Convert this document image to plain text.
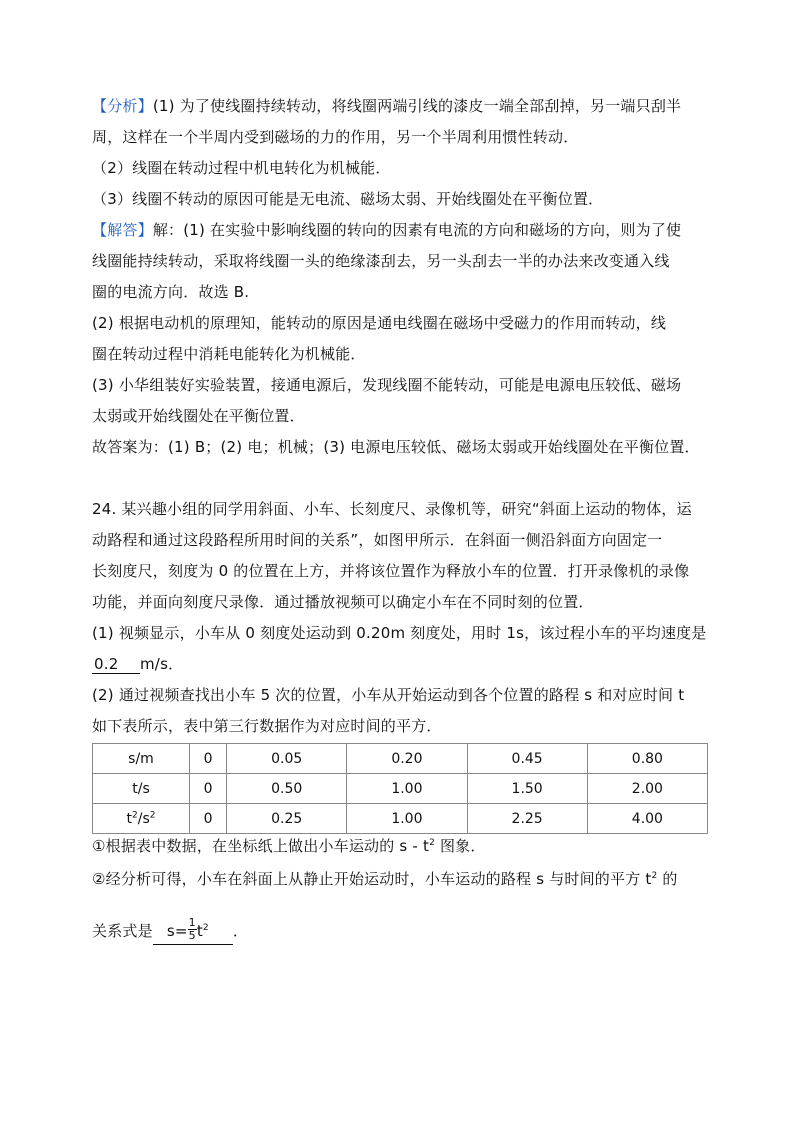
【分析】(1) 为了使线圈持续转动，将线圈两端引线的漆皮一端全部刮掉，另一端只刮半
周，这样在一个半周内受到磁场的力的作用，另一个半周利用惯性转动．
（2）线圈在转动过程中机电转化为机械能．
（3）线圈不转动的原因可能是无电流、磁场太弱、开始线圈处在平衡位置．
【解答】解：(1) 在实验中影响线圈的转向的因素有电流的方向和磁场的方向，则为了使
线圈能持续转动，采取将线圈一头的绝缘漆刮去，另一头刮去一半的办法来改变通入线
圈的电流方向．故选 B.
(2) 根据电动机的原理知，能转动的原因是通电线圈在磁场中受磁力的作用而转动，线
圈在转动过程中消耗电能转化为机械能．
(3) 小华组装好实验装置，接通电源后，发现线圈不能转动，可能是电源电压较低、磁场
太弱或开始线圈处在平衡位置．
故答案为：(1) B；(2) 电；机械；(3) 电源电压较低、磁场太弱或开始线圈处在平衡位置．
24. 某兴趣小组的同学用斜面、小车、长刻度尺、录像机等，研究“斜面上运动的物体，运
动路程和通过这段路程所用时间的关系”，如图甲所示．在斜面一侧沿斜面方向固定一
长刻度尺，刻度为 0 的位置在上方，并将该位置作为释放小车的位置．打开录像机的录像
功能，并面向刻度尺录像．通过播放视频可以确定小车在不同时刻的位置．
(1) 视频显示，小车从 0 刻度处运动到 0.20m 刻度处，用时 1s，该过程小车的平均速度是
0.2 m/s．
(2) 通过视频查找出小车 5 次的位置，小车从开始运动到各个位置的路程 s 和对应时间 t
如下表所示，表中第三行数据作为对应时间的平方．
s/m	0	0.05	0.20	0.45	0.80
t/s	0	0.50	1.00	1.50	2.00
$t^2/s^2$	0	0.25	1.00	2.25	4.00
①根据表中数据，在坐标纸上做出小车运动的 s - $t^2$ 图象．
②经分析可得，小车在斜面上从静止开始运动时，小车运动的路程 s 与时间的平方 $t^2$ 的
关系式是 $s= \frac{1}{5} t^2$ ．
